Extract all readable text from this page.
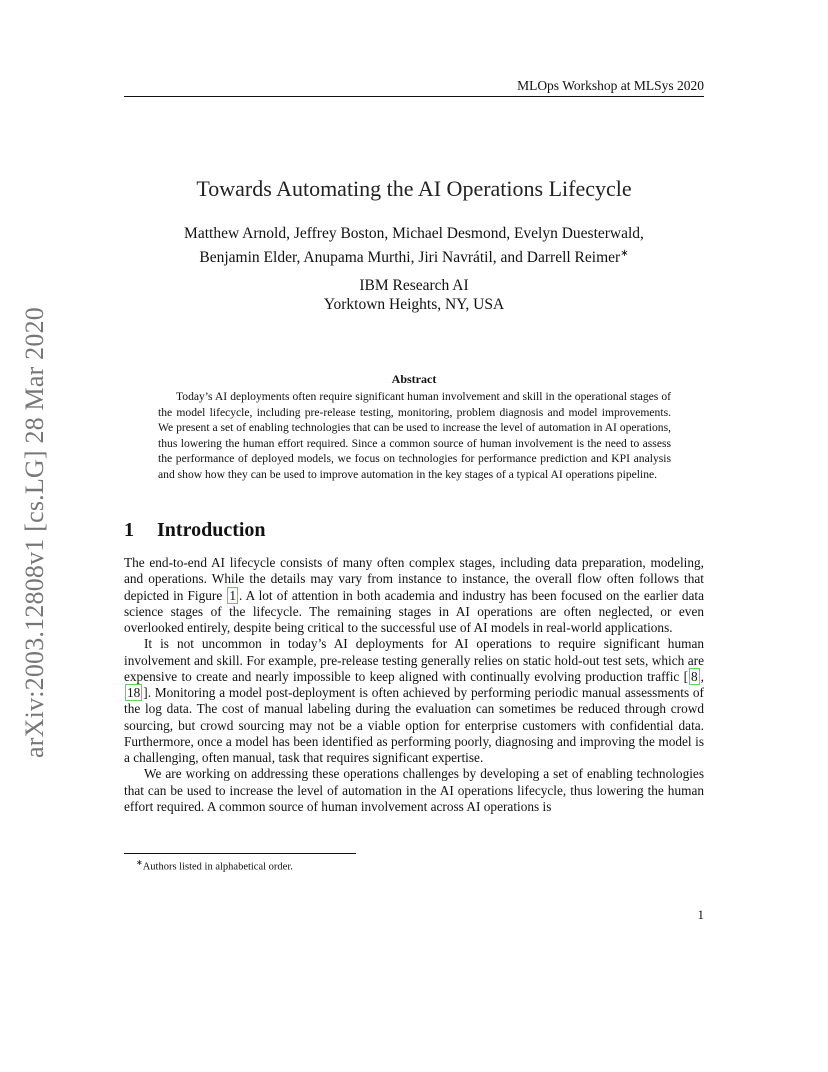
arXiv:2003.12808v1 [cs.LG] 28 Mar 2020
MLOps Workshop at MLSys 2020
Towards Automating the AI Operations Lifecycle
Matthew Arnold, Jeffrey Boston, Michael Desmond, Evelyn Duesterwald,
Benjamin Elder, Anupama Murthi, Jiri Navrátil, and Darrell Reimer∗
IBM Research AI
Yorktown Heights, NY, USA
Abstract
Today’s AI deployments often require significant human involvement and skill in the operational stages of the model lifecycle, including pre-release testing, monitoring, problem diagnosis and model improvements. We present a set of enabling technologies that can be used to increase the level of automation in AI operations, thus lowering the human effort required. Since a common source of human involvement is the need to assess the performance of deployed models, we focus on technologies for performance prediction and KPI analysis and show how they can be used to improve automation in the key stages of a typical AI operations pipeline.
1 Introduction

The end-to-end AI lifecycle consists of many often complex stages, including data preparation, modeling, and operations. While the details may vary from instance to instance, the overall flow often follows that depicted in Figure 1 . A lot of attention in both academia and industry has been focused on the earlier data science stages of the lifecycle. The remaining stages in AI operations are often neglected, or even overlooked entirely, despite being critical to the successful use of AI models in real-world applications.

It is not uncommon in today’s AI deployments for AI operations to require significant human involvement and skill. For example, pre-release testing generally relies on static hold-out test sets, which are expensive to create and nearly impossible to keep aligned with continually evolving production traffic [ 8 , 18 ]. Monitoring a model post-deployment is often achieved by performing periodic manual assessments of the log data. The cost of manual labeling during the evaluation can sometimes be reduced through crowd sourcing, but crowd sourcing may not be a viable option for enterprise customers with confidential data. Furthermore, once a model has been identified as performing poorly, diagnosing and improving the model is a challenging, often manual, task that requires significant expertise.

We are working on addressing these operations challenges by developing a set of enabling technologies that can be used to increase the level of automation in the AI operations lifecycle, thus lowering the human effort required. A common source of human involvement across AI operations is

∗Authors listed in alphabetical order.
1
